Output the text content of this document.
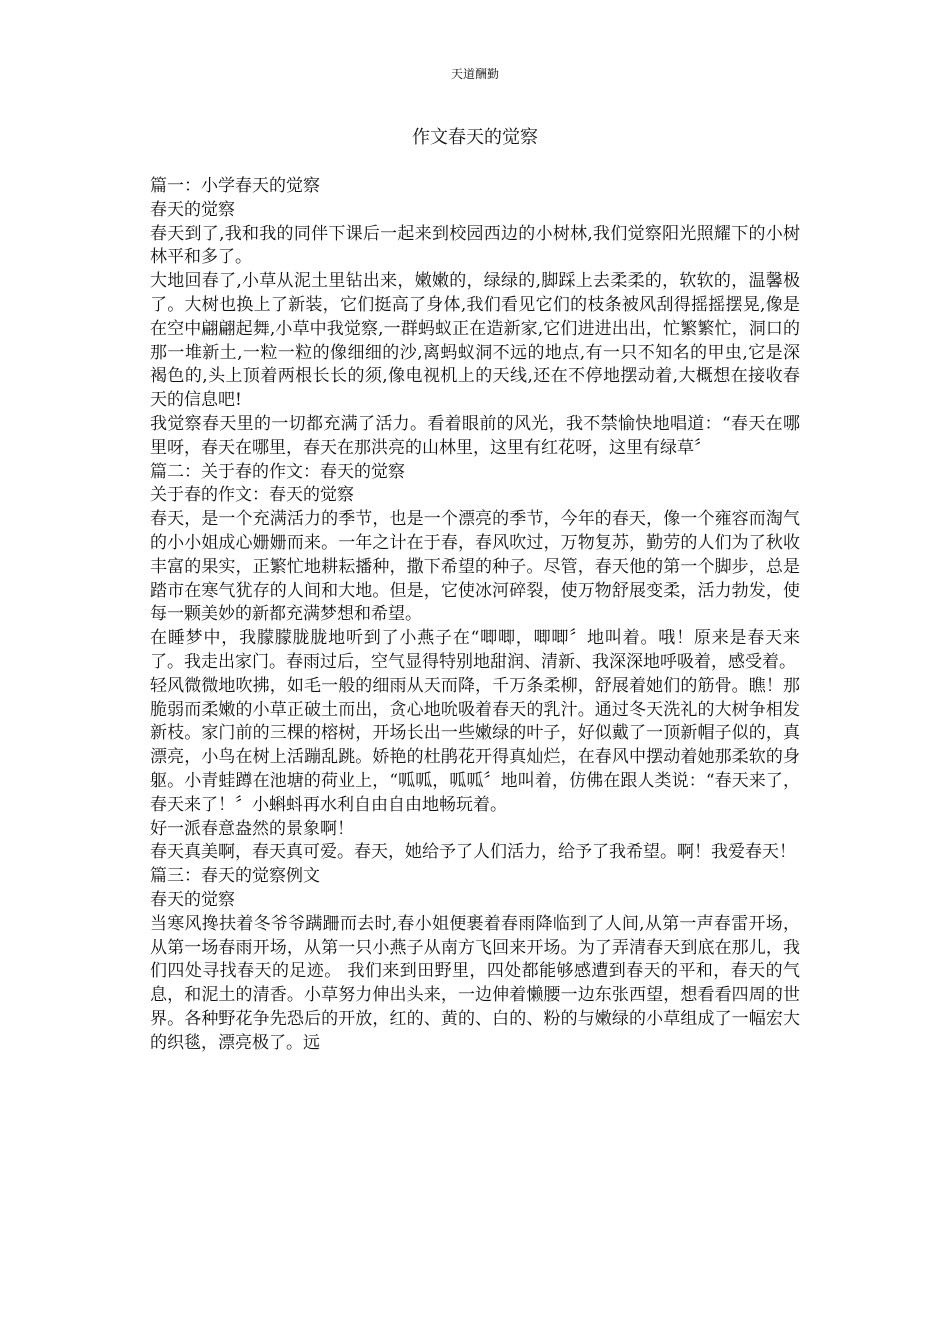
天道酬勤
作文春天的觉察

篇一：小学春天的觉察

春天的觉察

春天到了,我和我的同伴下课后一起来到校园西边的小树林,我们觉察阳光照耀下的小树林平和多了。

大地回春了,小草从泥土里钻出来，嫩嫩的，绿绿的,脚踩上去柔柔的，软软的，温馨极了。大树也换上了新装，它们挺高了身体,我们看见它们的枝条被风刮得摇摇摆晃,像是在空中翩翩起舞,小草中我觉察,一群蚂蚁正在造新家,它们进进出出，忙繁繁忙，洞口的那一堆新土,一粒一粒的像细细的沙,离蚂蚁洞不远的地点,有一只不知名的甲虫,它是深褐色的,头上顶着两根长长的须,像电视机上的天线,还在不停地摆动着,大概想在接收春天的信息吧!

我觉察春天里的一切都充满了活力。看着眼前的风光，我不禁愉快地唱道：“春天在哪里呀，春天在哪里，春天在那洪亮的山林里，这里有红花呀，这里有绿草〞

篇二：关于春的作文：春天的觉察

关于春的作文：春天的觉察

春天，是一个充满活力的季节，也是一个漂亮的季节，今年的春天，像一个雍容而淘气的小小姐成心姗姗而来。一年之计在于春，春风吹过，万物复苏，勤劳的人们为了秋收丰富的果实，正繁忙地耕耘播种，撒下希望的种子。尽管，春天他的第一个脚步，总是踏市在寒气犹存的人间和大地。但是，它使冰河碎裂，使万物舒展变柔，活力勃发，使每一颗美妙的新都充满梦想和希望。

在睡梦中，我朦朦胧胧地听到了小燕子在“唧唧，唧唧〞地叫着。哦！原来是春天来了。我走出家门。春雨过后，空气显得特别地甜润、清新、我深深地呼吸着，感受着。

轻风微微地吹拂，如毛一般的细雨从天而降，千万条柔柳，舒展着她们的筋骨。瞧！那脆弱而柔嫩的小草正破土而出，贪心地吮吸着春天的乳汁。通过冬天洗礼的大树争相发新枝。家门前的三棵的榕树，开场长出一些嫩绿的叶子，好似戴了一顶新帽子似的，真漂亮，小鸟在树上活蹦乱跳。娇艳的杜鹃花开得真灿烂，在春风中摆动着她那柔软的身躯。小青蛙蹲在池塘的荷业上，“呱呱，呱呱〞地叫着，仿佛在跟人类说：“春天来了，春天来了！〞小蝌蚪再水利自由自由地畅玩着。

好一派春意盎然的景象啊！

春天真美啊，春天真可爱。春天，她给予了人们活力，给予了我希望。啊！我爱春天！

篇三：春天的觉察例文

春天的觉察

当寒风搀扶着冬爷爷蹒跚而去时,春小姐便裹着春雨降临到了人间,从第一声春雷开场，从第一场春雨开场，从第一只小燕子从南方飞回来开场。为了弄清春天到底在那儿，我们四处寻找春天的足迹。 我们来到田野里，四处都能够感遭到春天的平和，春天的气息，和泥土的清香。小草努力伸出头来，一边伸着懒腰一边东张西望，想看看四周的世界。各种野花争先恐后的开放，红的、黄的、白的、粉的与嫩绿的小草组成了一幅宏大的织毯，漂亮极了。远
